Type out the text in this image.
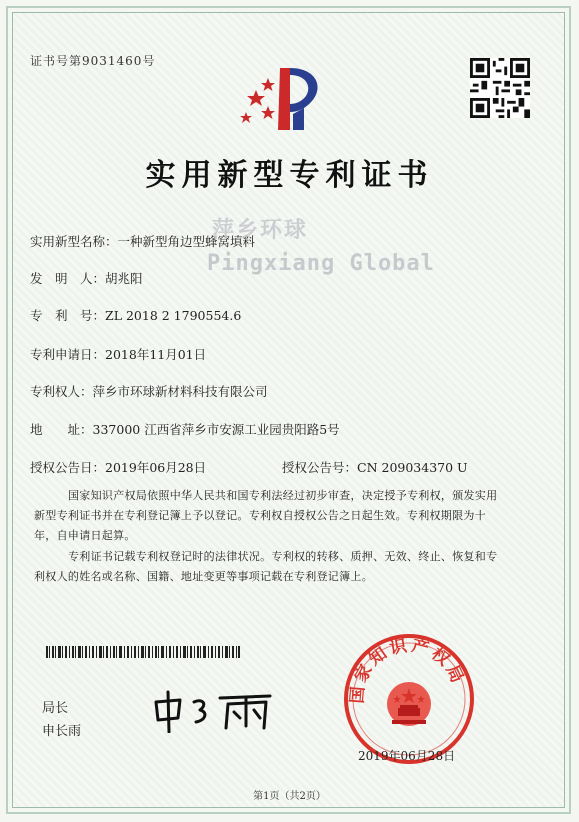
证书号第9031460号
实用新型专利证书
实用新型名称：一种新型角边型蜂窝填料
发　明　人：胡兆阳
专　利　号：ZL 2018 2 1790554.6
专利申请日：2018年11月01日
专利权人：萍乡市环球新材料科技有限公司
地　　址：337000 江西省萍乡市安源工业园贵阳路5号
授权公告日：2019年06月28日	授权公告号：CN 209034370 U
萍乡环球
Pingxiang Global
国家知识产权局依照中华人民共和国专利法经过初步审查，决定授予专利权，颁发实用
新型专利证书并在专利登记簿上予以登记。专利权自授权公告之日起生效。专利权期限为十
年，自申请日起算。
专利证书记载专利权登记时的法律状况。专利权的转移、质押、无效、终止、恢复和专
利权人的姓名或名称、国籍、地址变更等事项记载在专利登记簿上。
局长
申长雨
国家知识产权局
2019年06月28日
第1页（共2页）
